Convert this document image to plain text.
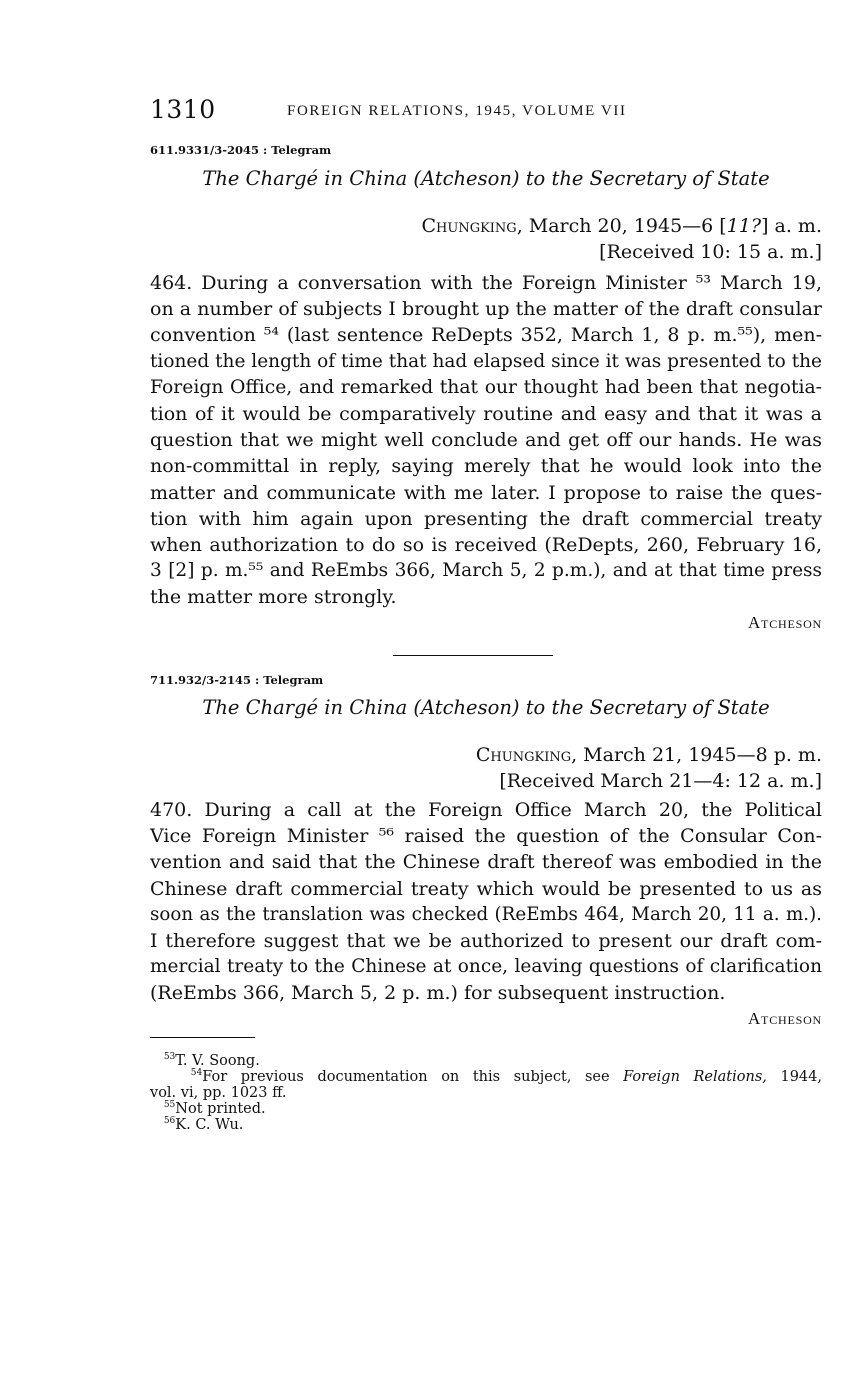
1310	FOREIGN RELATIONS, 1945, VOLUME VII
611.9331/3-2045 : Telegram
The Chargé in China (Atcheson) to the Secretary of State
Chungking, March 20, 1945—6 [11?] a. m.
[Received 10: 15 a. m.]
464. During a conversation with the Foreign Minister ⁵³ March 19,
on a number of subjects I brought up the matter of the draft consular
convention ⁵⁴ (last sentence ReDepts 352, March 1, 8 p. m.⁵⁵), men-
tioned the length of time that had elapsed since it was presented to the
Foreign Office, and remarked that our thought had been that negotia-
tion of it would be comparatively routine and easy and that it was a
question that we might well conclude and get off our hands. He was
non-committal in reply, saying merely that he would look into the
matter and communicate with me later. I propose to raise the ques-
tion with him again upon presenting the draft commercial treaty
when authorization to do so is received (ReDepts, 260, February 16,
3 [2] p. m.⁵⁵ and ReEmbs 366, March 5, 2 p.m.), and at that time press
the matter more strongly.
Atcheson
711.932/3-2145 : Telegram
The Chargé in China (Atcheson) to the Secretary of State
Chungking, March 21, 1945—8 p. m.
[Received March 21—4: 12 a. m.]
470. During a call at the Foreign Office March 20, the Political
Vice Foreign Minister ⁵⁶ raised the question of the Consular Con-
vention and said that the Chinese draft thereof was embodied in the
Chinese draft commercial treaty which would be presented to us as
soon as the translation was checked (ReEmbs 464, March 20, 11 a. m.).
I therefore suggest that we be authorized to present our draft com-
mercial treaty to the Chinese at once, leaving questions of clarification
(ReEmbs 366, March 5, 2 p. m.) for subsequent instruction.
Atcheson
$^{53}$T. V. Soong.
$^{54}$For previous documentation on this subject, see Foreign Relations, 1944,
vol. vi, pp. 1023 ff.
$^{55}$Not printed.
$^{56}$K. C. Wu.
